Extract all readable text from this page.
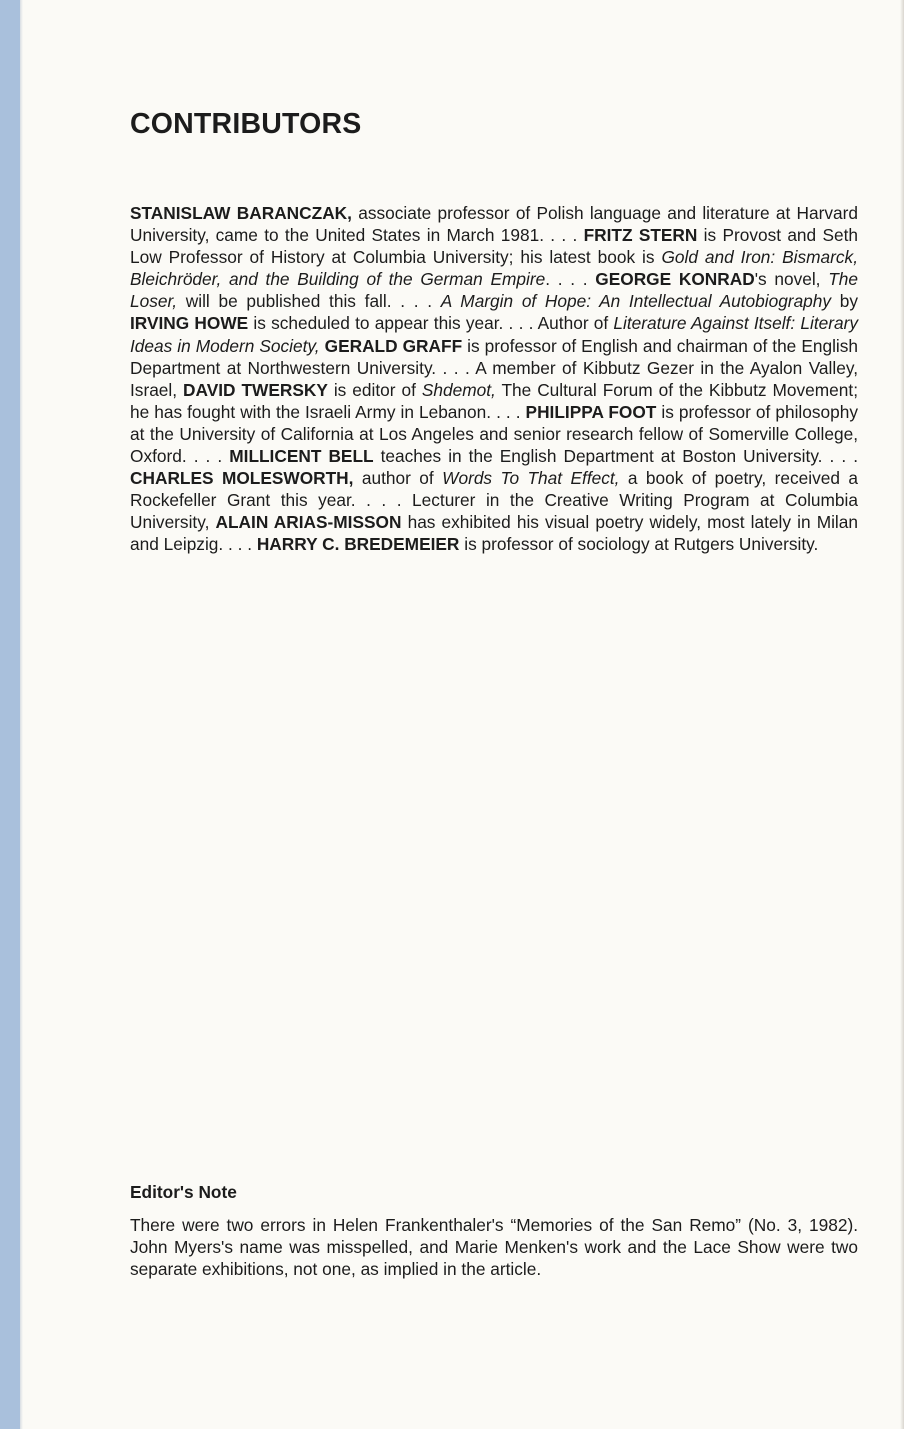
CONTRIBUTORS

STANISLAW BARANCZAK, associate professor of Polish language and literature at Harvard University, came to the United States in March 1981. . . . FRITZ STERN is Provost and Seth Low Professor of History at Columbia University; his latest book is Gold and Iron: Bismarck, Bleichröder, and the Building of the German Empire. . . . GEORGE KONRAD's novel, The Loser, will be published this fall. . . . A Margin of Hope: An Intellectual Autobiography by IRVING HOWE is scheduled to appear this year. . . . Author of Literature Against Itself: Literary Ideas in Modern Society, GERALD GRAFF is professor of English and chairman of the English Department at Northwestern University. . . . A member of Kibbutz Gezer in the Ayalon Valley, Israel, DAVID TWERSKY is editor of Shdemot, The Cultural Forum of the Kibbutz Movement; he has fought with the Israeli Army in Lebanon. . . . PHILIPPA FOOT is professor of philosophy at the University of California at Los Angeles and senior research fellow of Somerville College, Oxford. . . . MILLICENT BELL teaches in the English Department at Boston University. . . . CHARLES MOLESWORTH, author of Words To That Effect, a book of poetry, received a Rockefeller Grant this year. . . . Lecturer in the Creative Writing Program at Columbia University, ALAIN ARIAS-MISSON has exhibited his visual poetry widely, most lately in Milan and Leipzig. . . . HARRY C. BREDEMEIER is professor of sociology at Rutgers University.

Editor's Note

There were two errors in Helen Frankenthaler's “Memories of the San Remo” (No. 3, 1982). John Myers's name was misspelled, and Marie Menken's work and the Lace Show were two separate exhibitions, not one, as implied in the article.
